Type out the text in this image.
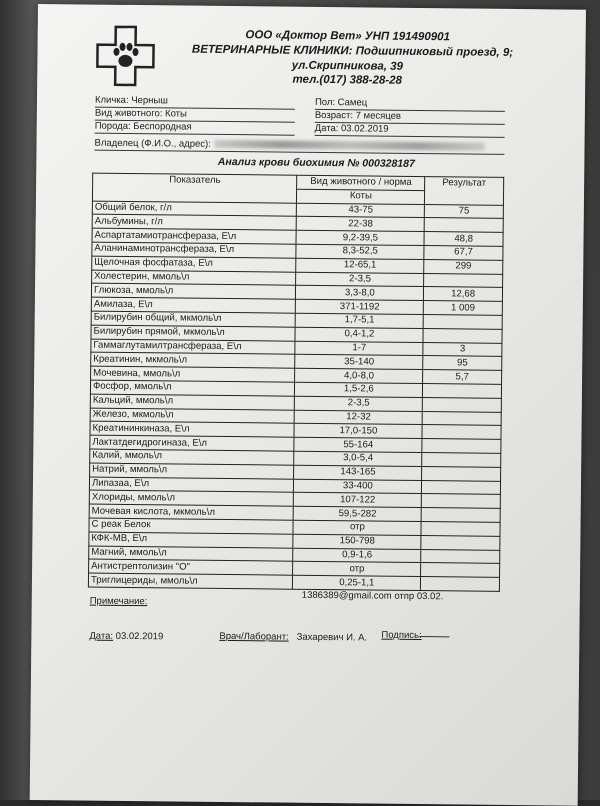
ООО «Доктор Вет» УНП 191490901
ВЕТЕРИНАРНЫЕ КЛИНИКИ: Подшипниковый проезд, 9;
ул.Скрипникова, 39
тел.(017) 388-28-28
Кличка: Черныш
Вид животного: Коты
Порода: Беспородная
Пол: Самец
Возраст: 7 месяцев
Дата: 03.02.2019
Владелец (Ф.И.О., адрес):
Анализ крови биохимия № 000328187
Показатель	Вид животного / норма	Результат
	Коты	
Общий белок, г/л	43-75	75
Альбумины, г/л	22-38	
Аспартатамиотрансфераза, Е\л	9,2-39,5	48,8
Аланинаминотрансфераза, Е\л	8,3-52,5	67,7
Щелочная фосфатаза, Е\л	12-65,1	299
Холестерин, ммоль\л	2-3,5	
Глюкоза, ммоль\л	3,3-8,0	12,68
Амилаза, Е\л	371-1192	1 009
Билирубин общий, мкмоль\л	1,7-5,1	
Билирубин прямой, мкмоль\л	0,4-1,2	
Гаммаглутамилтрансфераза, Е\л	1-7	3
Креатинин, мкмоль\л	35-140	95
Мочевина, ммоль\л	4,0-8,0	5,7
Фосфор, ммоль\л	1,5-2,6	
Кальций, ммоль\л	2-3,5	
Железо, мкмоль\л	12-32	
Креатининкиназа, Е\л	17,0-150	
Лактатдегидрогиназа, Е\л	55-164	
Калий, ммоль\л	3,0-5,4	
Натрий, ммоль\л	143-165	
Липазаа, Е\л	33-400	
Хлориды, ммоль\л	107-122	
Мочевая кислота, мкмоль\л	59,5-282	
С реак Белок	отр	
КФК-МВ, Е\л	150-798	
Магний, ммоль\л	0,9-1,6	
Антистрептолизин "О"	отр	
Триглицериды, ммоль\л	0,25-1,1	
Примечание:	1386389@gmail.com отпр 03.02.
Дата: 03.02.2019	Врач/Лаборант: Захаревич И. А. Подпись:
